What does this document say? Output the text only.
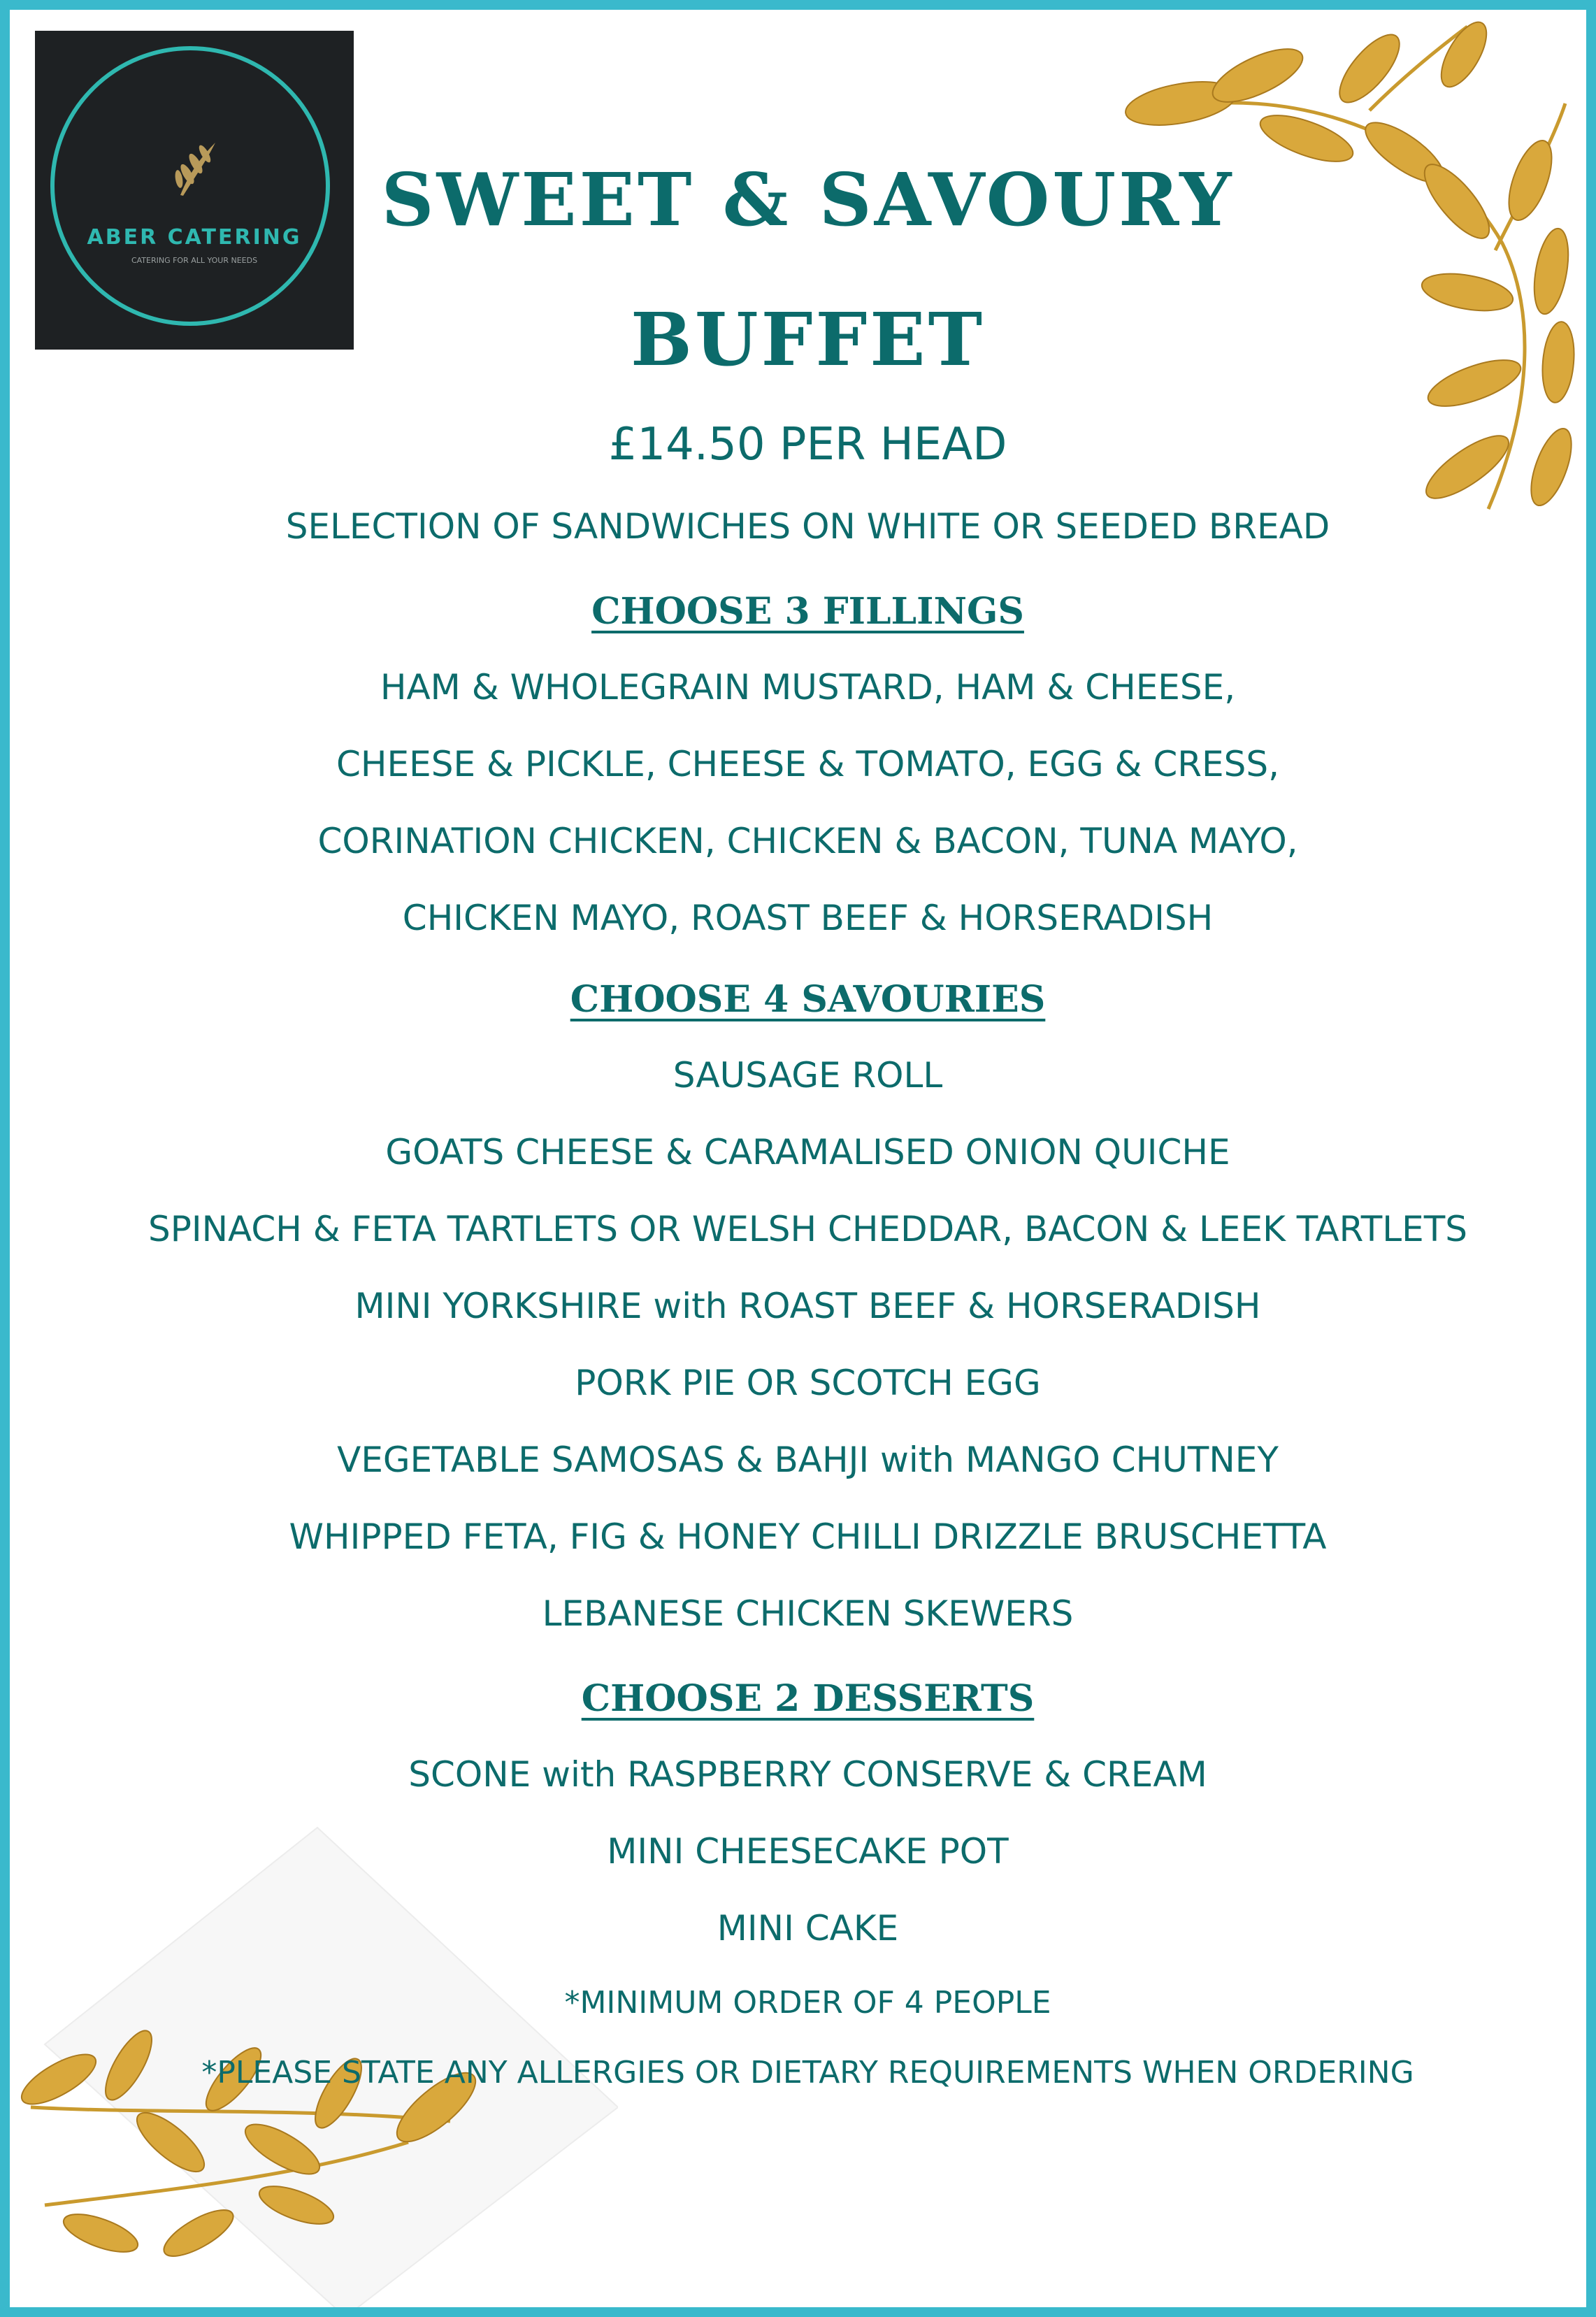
ABER CATERING
CATERING FOR ALL YOUR NEEDS
SWEET & SAVOURY
BUFFET
£14.50 PER HEAD
SELECTION OF SANDWICHES ON WHITE OR SEEDED BREAD
CHOOSE 3 FILLINGS
HAM & WHOLEGRAIN MUSTARD, HAM & CHEESE,
CHEESE & PICKLE, CHEESE & TOMATO, EGG & CRESS,
CORINATION CHICKEN, CHICKEN & BACON, TUNA MAYO,
CHICKEN MAYO, ROAST BEEF & HORSERADISH
CHOOSE 4 SAVOURIES
SAUSAGE ROLL
GOATS CHEESE & CARAMALISED ONION QUICHE
SPINACH & FETA TARTLETS OR WELSH CHEDDAR, BACON & LEEK TARTLETS
MINI YORKSHIRE with ROAST BEEF & HORSERADISH
PORK PIE OR SCOTCH EGG
VEGETABLE SAMOSAS & BAHJI with MANGO CHUTNEY
WHIPPED FETA, FIG & HONEY CHILLI DRIZZLE BRUSCHETTA
LEBANESE CHICKEN SKEWERS
CHOOSE 2 DESSERTS
SCONE with RASPBERRY CONSERVE & CREAM
MINI CHEESECAKE POT
MINI CAKE
*MINIMUM ORDER OF 4 PEOPLE
*PLEASE STATE ANY ALLERGIES OR DIETARY REQUIREMENTS WHEN ORDERING
